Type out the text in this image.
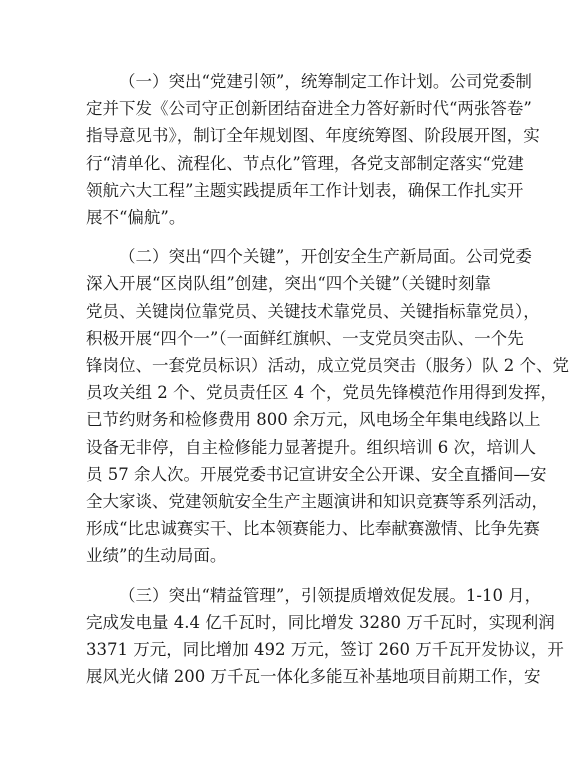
（一）突出“党建引领”，统筹制定工作计划。公司党委制
定并下发《公司守正创新团结奋进全力答好新时代“两张答卷”
指导意见书》，制订全年规划图、年度统筹图、阶段展开图，实
行“清单化、流程化、节点化”管理，各党支部制定落实“党建
领航六大工程”主题实践提质年工作计划表，确保工作扎实开
展不“偏航”。

（二）突出“四个关键”，开创安全生产新局面。公司党委
深入开展“区岗队组”创建，突出“四个关键”（关键时刻靠
党员、关键岗位靠党员、关键技术靠党员、关键指标靠党员），
积极开展“四个一”（一面鲜红旗帜、一支党员突击队、一个先
锋岗位、一套党员标识）活动，成立党员突击（服务）队 2 个、党
员攻关组 2 个、党员责任区 4 个，党员先锋模范作用得到发挥，
已节约财务和检修费用 800 余万元，风电场全年集电线路以上
设备无非停，自主检修能力显著提升。组织培训 6 次，培训人
员 57 余人次。开展党委书记宣讲安全公开课、安全直播间—安
全大家谈、党建领航安全生产主题演讲和知识竞赛等系列活动，
形成“比忠诚赛实干、比本领赛能力、比奉献赛激情、比争先赛
业绩”的生动局面。

（三）突出“精益管理”，引领提质增效促发展。1-10 月，
完成发电量 4.4 亿千瓦时，同比增发 3280 万千瓦时，实现利润
3371 万元，同比增加 492 万元，签订 260 万千瓦开发协议，开
展风光火储 200 万千瓦一体化多能互补基地项目前期工作，安
